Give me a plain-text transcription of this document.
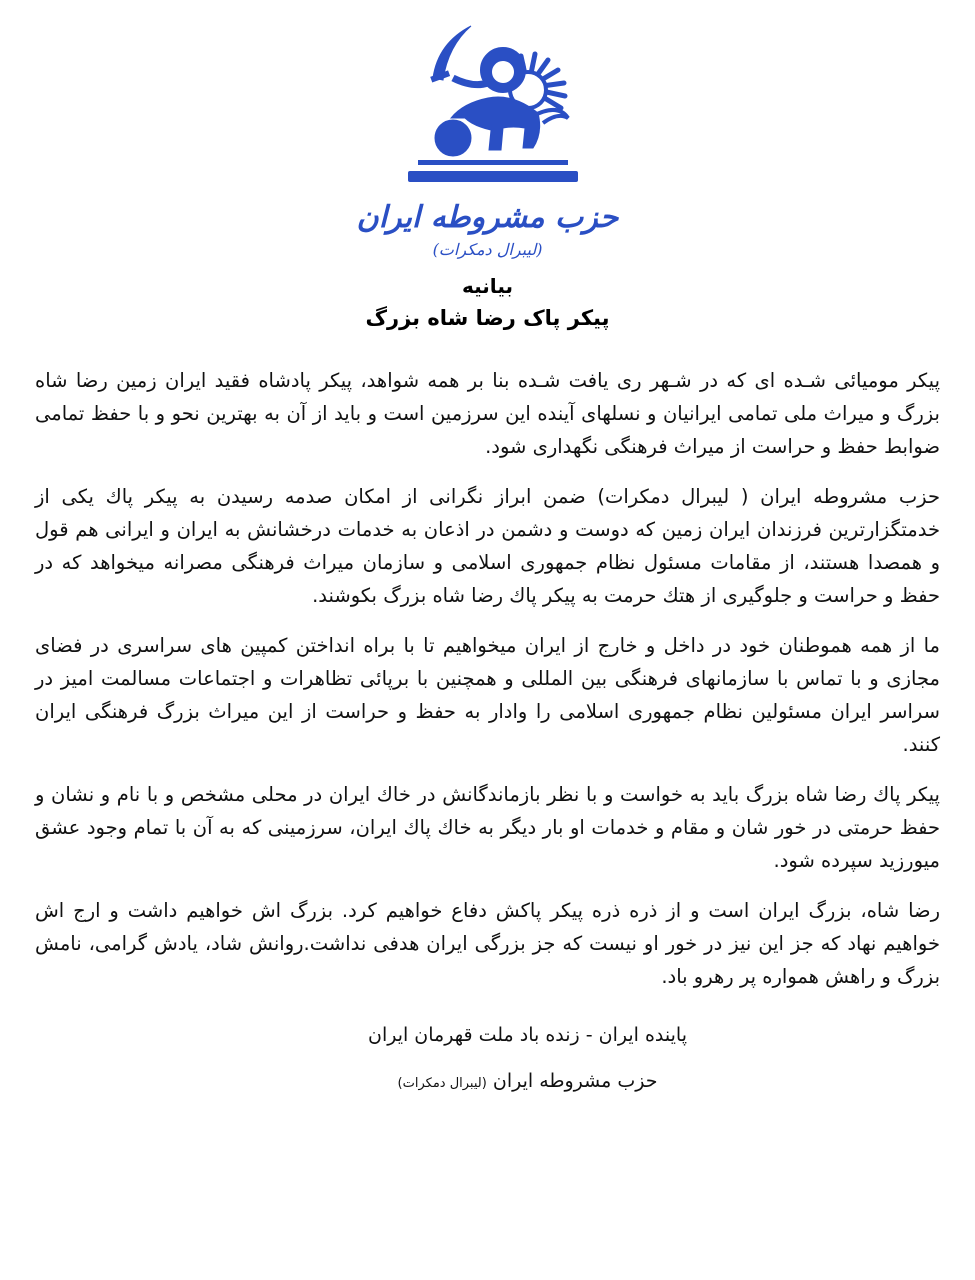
حزب مشروطه ایران
(لیبرال دمکرات)
بیانیه
پیکر پاک رضا شاه بزرگ

پیکر مومیائی شـده ای که در شـهر ری یافت شـده بنا بر همه شواهد، پیکر پادشاه فقید ایران زمین رضا شاه بزرگ و میراث ملی تمامی ایرانیان و نسلهای آینده این سرزمین است و باید از آن به بهترین نحو و با حفظ تمامی ضوابط حفظ و حراست از میراث فرهنگی نگهداری شود.

حزب مشروطه ایران ( لیبرال دمکرات) ضمن ابراز نگرانی از امکان صدمه رسیدن به پیکر پاك یکی از خدمتگزارترین فرزندان ایران زمین که دوست و دشمن در اذعان به خدمات درخشانش به ایران و ایرانی هم قول و همصدا هستند، از مقامات مسئول نظام جمهوری اسلامی و سازمان میراث فرهنگی مصرانه میخواهد که در حفظ و حراست و جلوگیری از هتك حرمت به پیکر پاك رضا شاه بزرگ بکوشند.

ما از همه هموطنان خود در داخل و خارج از ایران میخواهیم تا با براه انداختن کمپین های سراسری در فضای مجازی و با تماس با سازمانهای فرهنگی بین المللی و همچنین با برپائی تظاهرات و اجتماعات مسالمت امیز در سراسر ایران مسئولین نظام جمهوری اسلامی را وادار به حفظ و حراست از این میراث بزرگ فرهنگی ایران کنند.

پیکر پاك رضا شاه بزرگ باید به خواست و با نظر بازماندگانش در خاك ایران در محلی مشخص و با نام و نشان و حفظ حرمتی در خور شان و مقام و خدمات او بار دیگر به خاك پاك ایران، سرزمینی که به آن با تمام وجود عشق میورزید سپرده شود.

رضا شاه، بزرگ ایران است و از ذره ذره پیکر پاکش دفاع خواهیم کرد. بزرگ اش خواهیم داشت و ارج اش خواهیم نهاد که جز این نیز در خور او نیست که جز بزرگی ایران هدفی نداشت.روانش شاد، یادش گرامی، نامش بزرگ و راهش همواره پر رهرو باد.

پاینده ایران - زنده باد ملت قهرمان ایران
حزب مشروطه ایران (لیبرال دمکرات)
